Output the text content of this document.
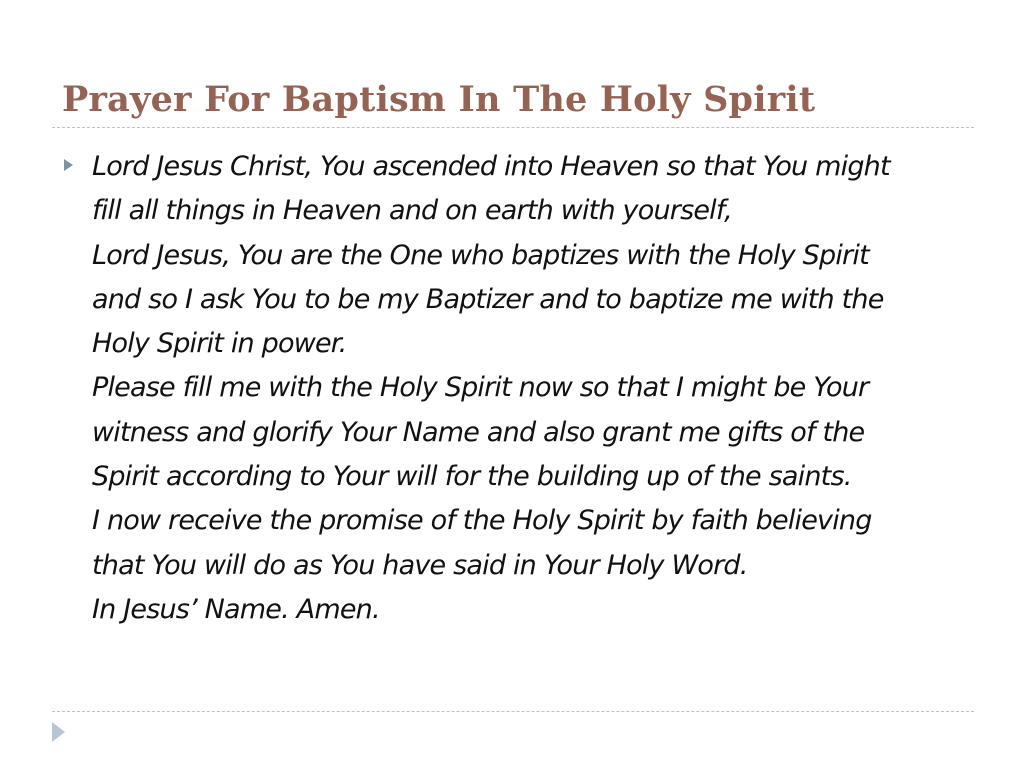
Prayer For Baptism In The Holy Spirit
Lord Jesus Christ, You ascended into Heaven so that You might
fill all things in Heaven and on earth with yourself,
Lord Jesus, You are the One who baptizes with the Holy Spirit
and so I ask You to be my Baptizer and to baptize me with the
Holy Spirit in power.
Please fill me with the Holy Spirit now so that I might be Your
witness and glorify Your Name and also grant me gifts of the
Spirit according to Your will for the building up of the saints.
I now receive the promise of the Holy Spirit by faith believing
that You will do as You have said in Your Holy Word.
In Jesus’ Name. Amen.
